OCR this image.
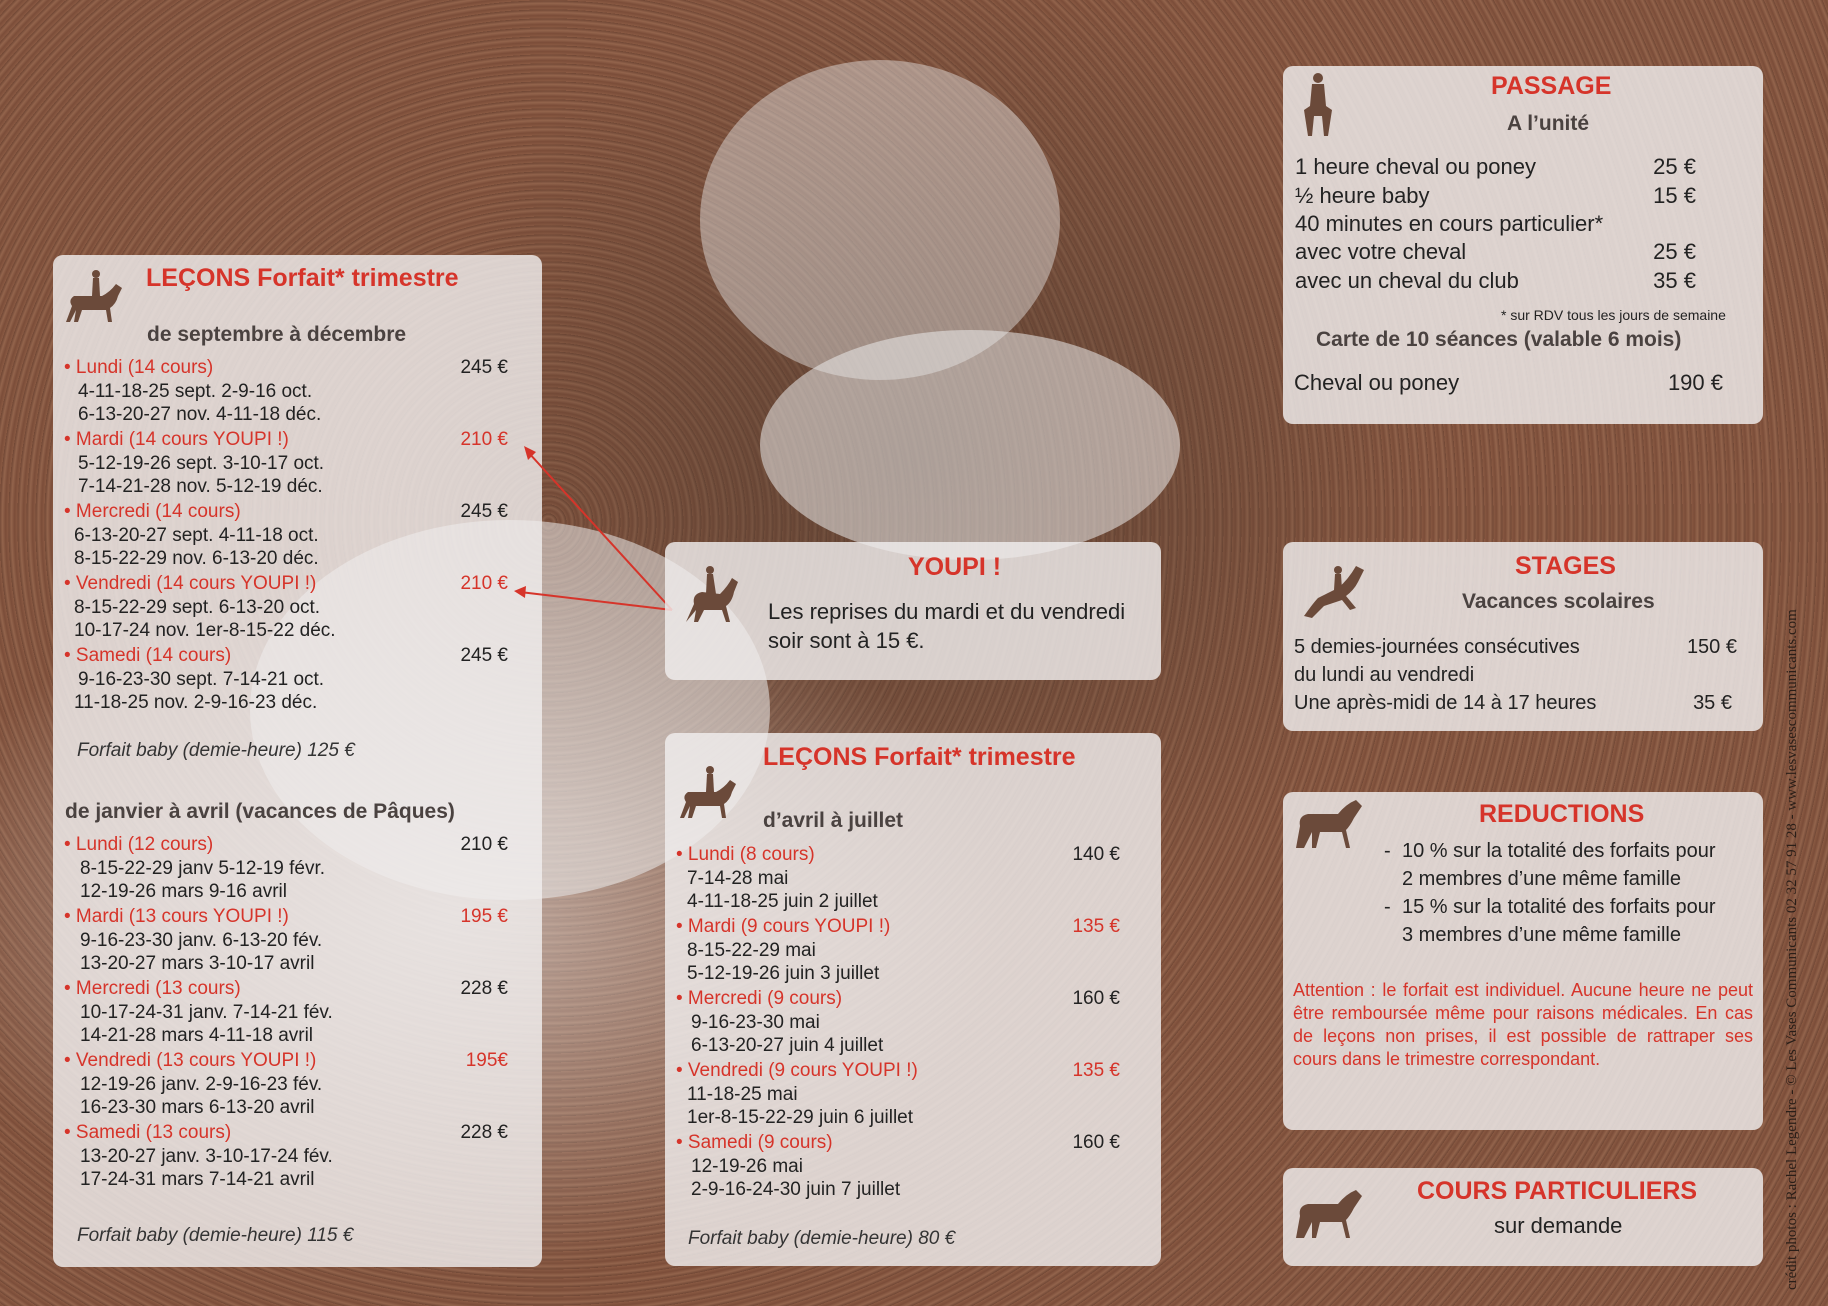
LEÇONS Forfait* trimestre
de septembre à décembre
• Lundi (14 cours)	245 €
4-11-18-25 sept. 2-9-16 oct.
6-13-20-27 nov. 4-11-18 déc.
• Mardi (14 cours YOUPI !)	210 €
5-12-19-26 sept. 3-10-17 oct.
7-14-21-28 nov. 5-12-19 déc.
• Mercredi (14 cours)	245 €
6-13-20-27 sept. 4-11-18 oct.
8-15-22-29 nov. 6-13-20 déc.
• Vendredi (14 cours YOUPI !)	210 €
8-15-22-29 sept. 6-13-20 oct.
10-17-24 nov. 1er-8-15-22 déc.
• Samedi (14 cours)	245 €
9-16-23-30 sept. 7-14-21 oct.
11-18-25 nov. 2-9-16-23 déc.
Forfait baby (demie-heure) 125 €
de janvier à avril (vacances de Pâques)
• Lundi (12 cours)	210 €
8-15-22-29 janv 5-12-19 févr.
12-19-26 mars 9-16 avril
• Mardi (13 cours YOUPI !)	195 €
9-16-23-30 janv. 6-13-20 fév.
13-20-27 mars 3-10-17 avril
• Mercredi (13 cours)	228 €
10-17-24-31 janv. 7-14-21 fév.
14-21-28 mars 4-11-18 avril
• Vendredi (13 cours YOUPI !)	195€
12-19-26 janv. 2-9-16-23 fév.
16-23-30 mars 6-13-20 avril
• Samedi (13 cours)	228 €
13-20-27 janv. 3-10-17-24 fév.
17-24-31 mars 7-14-21 avril
Forfait baby (demie-heure) 115 €
YOUPI !
Les reprises du mardi et du vendredi
soir sont à 15 €.
LEÇONS Forfait* trimestre
d’avril à juillet
• Lundi (8 cours)	140 €
7-14-28 mai
4-11-18-25 juin 2 juillet
• Mardi (9 cours YOUPI !)	135 €
8-15-22-29 mai
5-12-19-26 juin 3 juillet
• Mercredi (9 cours)	160 €
9-16-23-30 mai
6-13-20-27 juin 4 juillet
• Vendredi (9 cours YOUPI !)	135 €
11-18-25 mai
1er-8-15-22-29 juin 6 juillet
• Samedi (9 cours)	160 €
12-19-26 mai
2-9-16-24-30 juin 7 juillet
Forfait baby (demie-heure) 80 €
PASSAGE
A l’unité
1 heure cheval ou poney	25 €
½ heure baby	15 €
40 minutes en cours particulier*
avec votre cheval	25 €
avec un cheval du club	35 €
* sur RDV tous les jours de semaine
Carte de 10 séances (valable 6 mois)
Cheval ou poney	190 €
STAGES
Vacances scolaires
5 demies-journées consécutives	150 €
du lundi au vendredi
Une après-midi de 14 à 17 heures	35 €
REDUCTIONS
- 10 % sur la totalité des forfaits pour
2 membres d’une même famille
- 15 % sur la totalité des forfaits pour
3 membres d’une même famille
Attention : le forfait est individuel. Aucune heure ne peut être remboursée même pour raisons médicales. En cas de leçons non prises, il est possible de rattraper ses cours dans le trimestre correspondant.
COURS PARTICULIERS
sur demande	crédit photos : Rachel Legendre - © Les Vases Communicants 02 32 57 91 28 - www.lesvasescommunicants.com
